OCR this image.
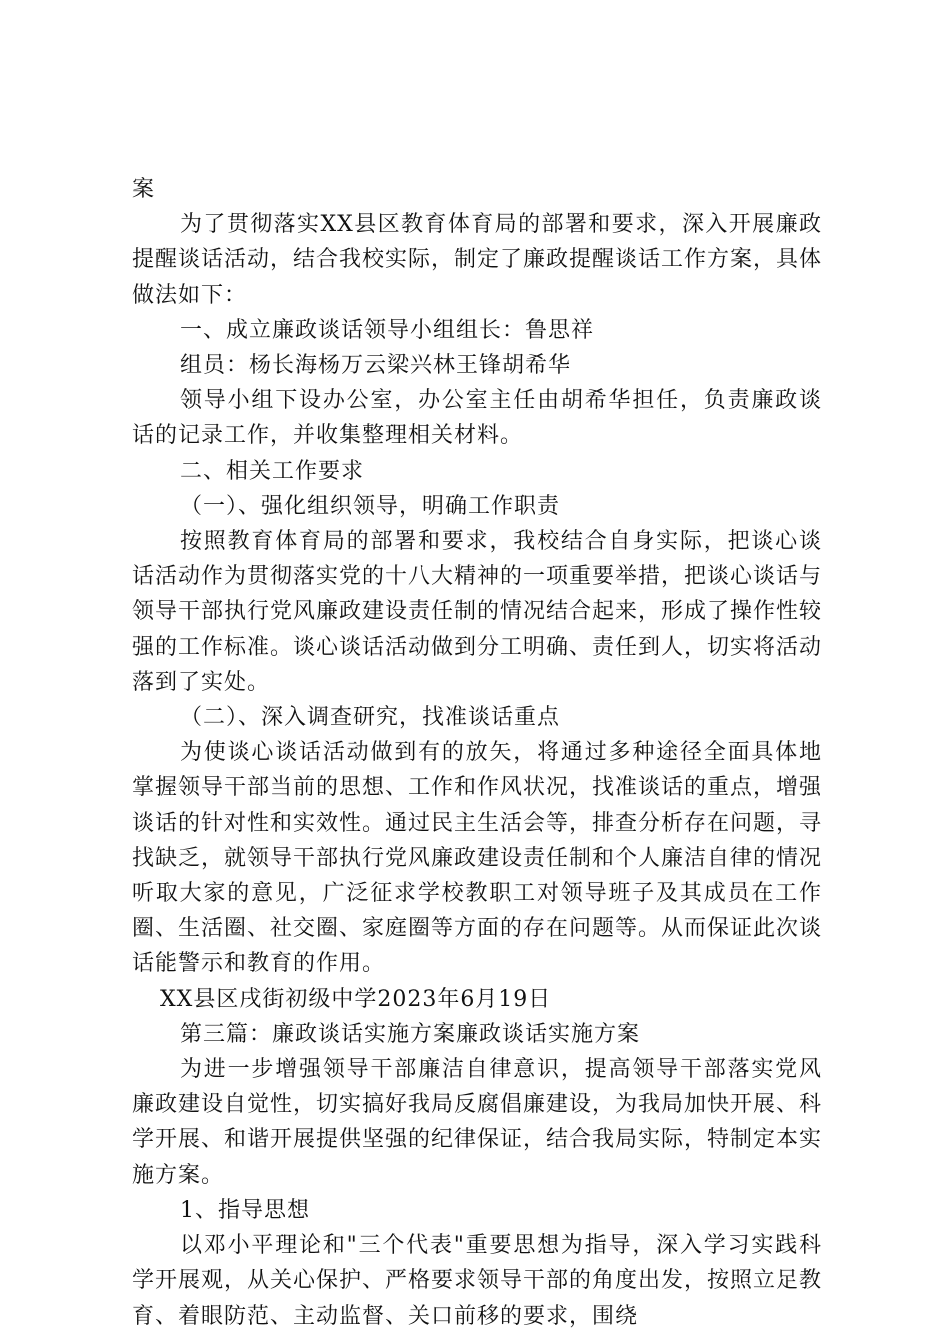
案

为了贯彻落实XX县区教育体育局的部署和要求，深入开展廉政提醒谈话活动，结合我校实际，制定了廉政提醒谈话工作方案，具体做法如下：

一、成立廉政谈话领导小组组长：鲁思祥

组员：杨长海杨万云梁兴林王锋胡希华

领导小组下设办公室，办公室主任由胡希华担任，负责廉政谈话的记录工作，并收集整理相关材料。

二、相关工作要求

（一）、强化组织领导，明确工作职责

按照教育体育局的部署和要求，我校结合自身实际，把谈心谈话活动作为贯彻落实党的十八大精神的一项重要举措，把谈心谈话与领导干部执行党风廉政建设责任制的情况结合起来，形成了操作性较强的工作标准。谈心谈话活动做到分工明确、责任到人，切实将活动落到了实处。

（二）、深入调查研究，找准谈话重点

为使谈心谈话活动做到有的放矢，将通过多种途径全面具体地掌握领导干部当前的思想、工作和作风状况，找准谈话的重点，增强谈话的针对性和实效性。通过民主生活会等，排查分析存在问题，寻找缺乏，就领导干部执行党风廉政建设责任制和个人廉洁自律的情况听取大家的意见，广泛征求学校教职工对领导班子及其成员在工作圈、生活圈、社交圈、家庭圈等方面的存在问题等。从而保证此次谈话能警示和教育的作用。

XX县区戌街初级中学2023年6月19日

第三篇：廉政谈话实施方案廉政谈话实施方案

为进一步增强领导干部廉洁自律意识，提高领导干部落实党风廉政建设自觉性，切实搞好我局反腐倡廉建设，为我局加快开展、科学开展、和谐开展提供坚强的纪律保证，结合我局实际，特制定本实施方案。

1、指导思想

以邓小平理论和"三个代表"重要思想为指导，深入学习实践科学开展观，从关心保护、严格要求领导干部的角度出发，按照立足教育、着眼防范、主动监督、关口前移的要求，围绕
